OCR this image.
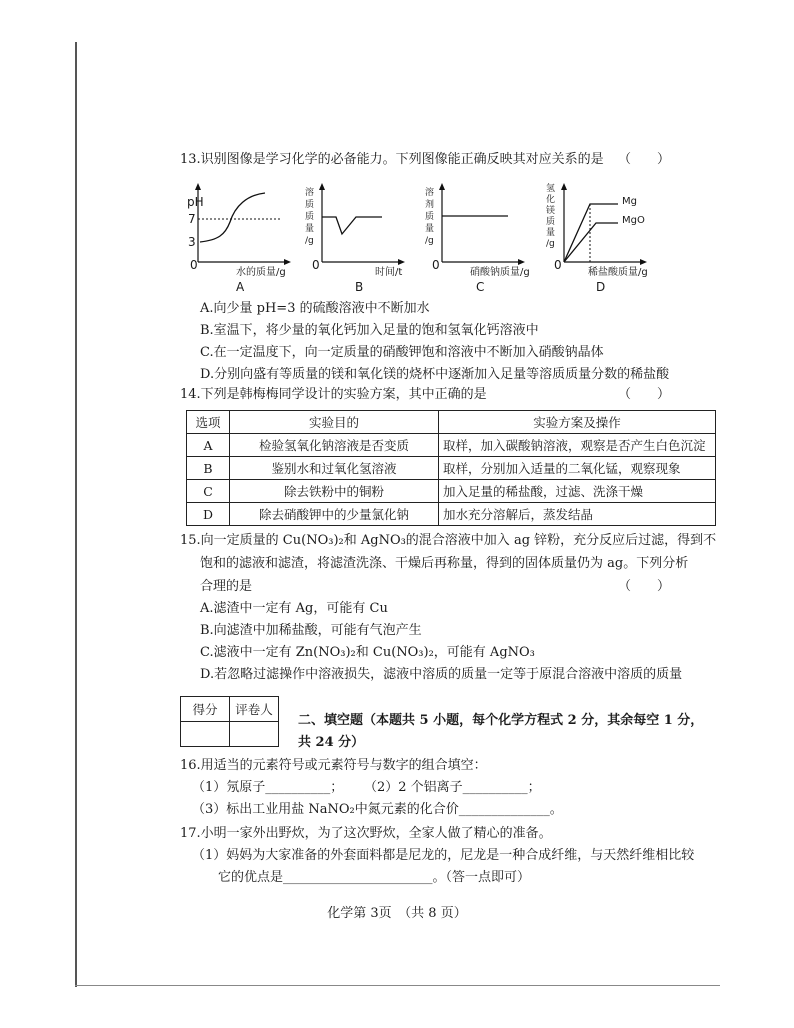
13.识别图像是学习化学的必备能力。下列图像能正确反映其对应关系的是 （　　）
pH
7
3
0
水的质量/g
A
溶
质
质
量
/g
0
时间/t
B
溶
剂
质
量
/g
0
硝酸钠质量/g
C
氢
化
镁
质
量
/g
Mg
MgO
0
稀盐酸质量/g
D
A.向少量 pH=3 的硫酸溶液中不断加水
B.室温下，将少量的氧化钙加入足量的饱和氢氧化钙溶液中
C.在一定温度下，向一定质量的硝酸钾饱和溶液中不断加入硝酸钠晶体
D.分别向盛有等质量的镁和氧化镁的烧杯中逐渐加入足量等溶质质量分数的稀盐酸
14.下列是韩梅梅同学设计的实验方案，其中正确的是	（　　）
选项	实验目的	实验方案及操作
A	检验氢氧化钠溶液是否变质	取样，加入碳酸钠溶液，观察是否产生白色沉淀
B	鉴别水和过氧化氢溶液	取样，分别加入适量的二氧化锰，观察现象
C	除去铁粉中的铜粉	加入足量的稀盐酸，过滤、洗涤干燥
D	除去硝酸钾中的少量氯化钠	加水充分溶解后，蒸发结晶
15.向一定质量的 Cu(NO₃)₂和 AgNO₃的混合溶液中加入 ag 锌粉，充分反应后过滤，得到不
饱和的滤液和滤渣，将滤渣洗涤、干燥后再称量，得到的固体质量仍为 ag。下列分析
合理的是	（　　）
A.滤渣中一定有 Ag，可能有 Cu
B.向滤渣中加稀盐酸，可能有气泡产生
C.滤液中一定有 Zn(NO₃)₂和 Cu(NO₃)₂，可能有 AgNO₃
D.若忽略过滤操作中溶液损失，滤液中溶质的质量一定等于原混合溶液中溶质的质量
得分	评卷人

二、填空题（本题共 5 小题，每个化学方程式 2 分，其余每空 1 分，
共 24 分）
16.用适当的元素符号或元素符号与数字的组合填空：
（1）氖原子__________； （2）2 个铝离子__________；
（3）标出工业用盐 NaNO₂中氮元素的化合价______________。
17.小明一家外出野炊，为了这次野炊，全家人做了精心的准备。
（1）妈妈为大家准备的外套面料都是尼龙的，尼龙是一种合成纤维，与天然纤维相比较
它的优点是_______________________。（答一点即可）
化学第 3页　（共 8 页）
